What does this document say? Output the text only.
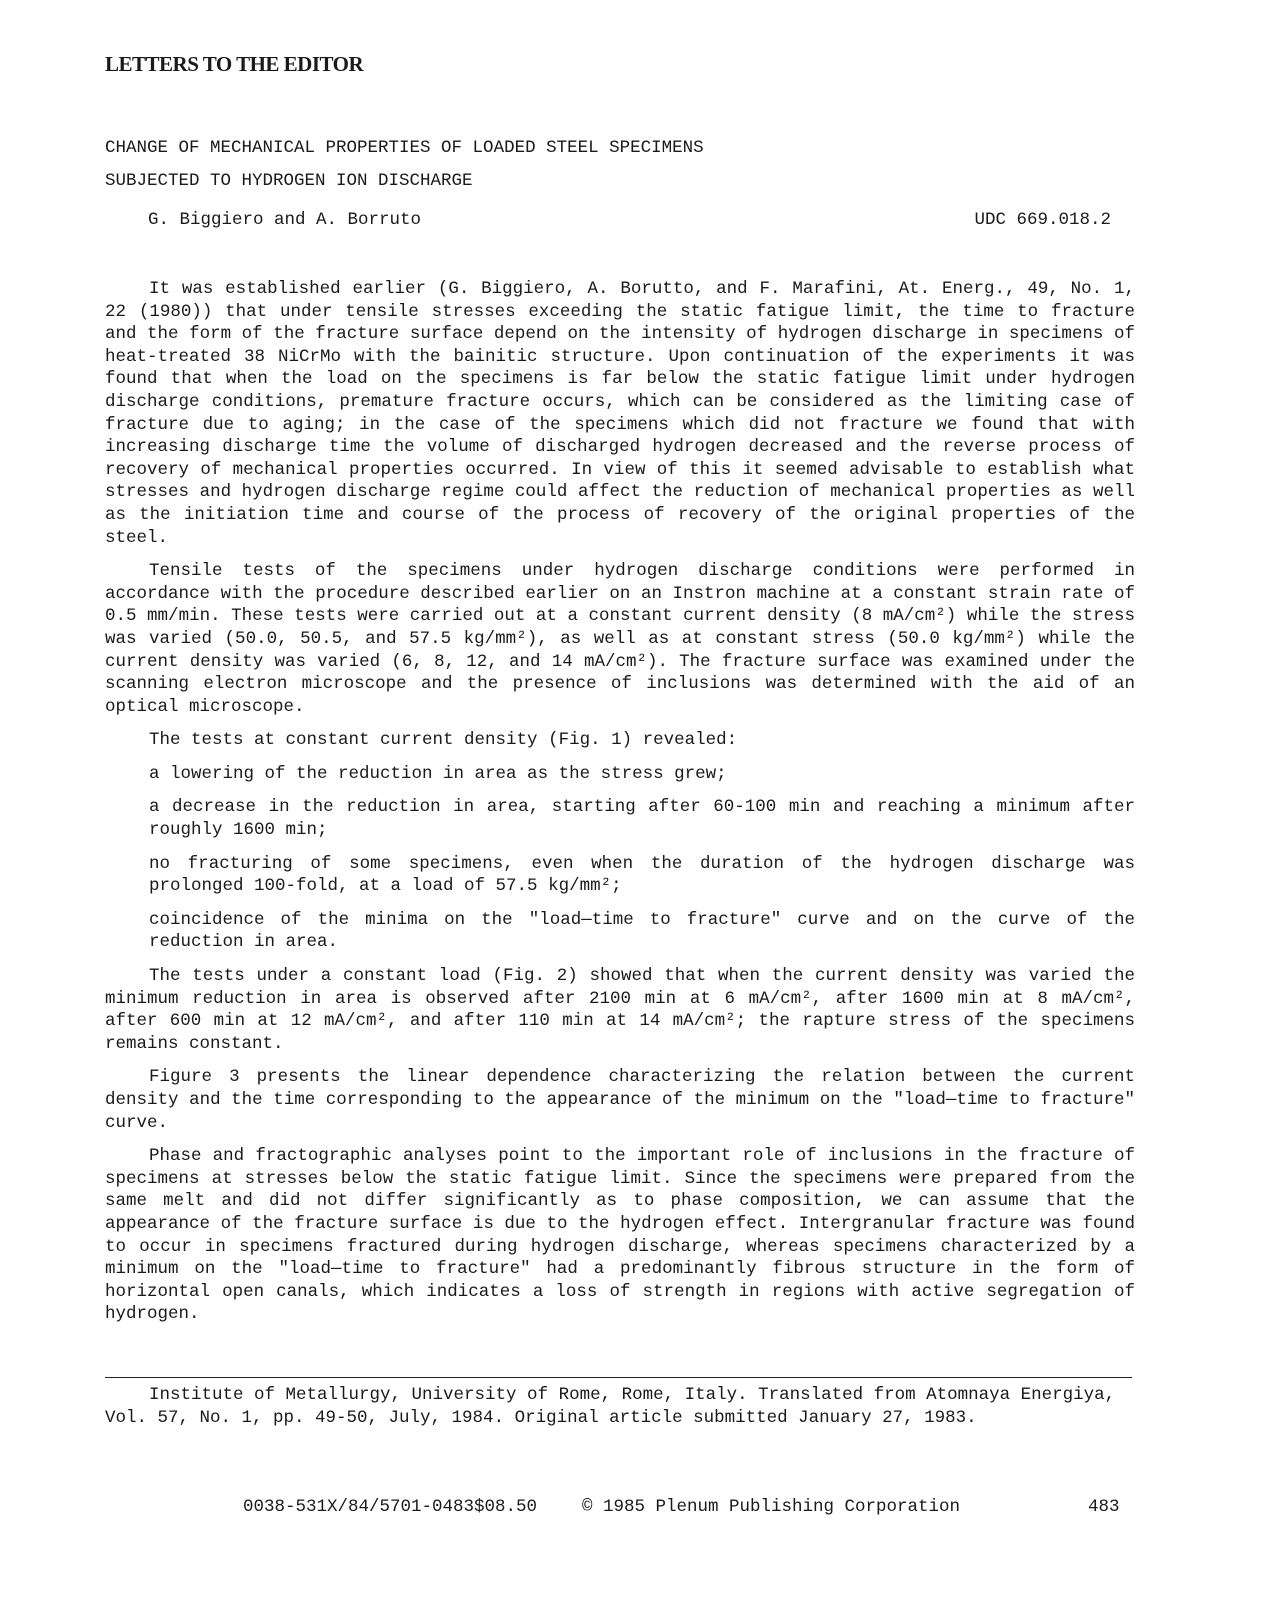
LETTERS TO THE EDITOR
CHANGE OF MECHANICAL PROPERTIES OF LOADED STEEL SPECIMENS
SUBJECTED TO HYDROGEN ION DISCHARGE
G. Biggiero and A. Borruto	UDC 669.018.2

It was established earlier (G. Biggiero, A. Borutto, and F. Marafini, At. Energ., 49, No. 1, 22 (1980)) that under tensile stresses exceeding the static fatigue limit, the time to fracture and the form of the fracture surface depend on the intensity of hydrogen discharge in specimens of heat-treated 38 NiCrMo with the bainitic structure. Upon continuation of the experiments it was found that when the load on the specimens is far below the static fatigue limit under hydrogen discharge conditions, premature fracture occurs, which can be considered as the limiting case of fracture due to aging; in the case of the specimens which did not fracture we found that with increasing discharge time the volume of discharged hydrogen decreased and the reverse process of recovery of mechanical properties occurred. In view of this it seemed advisable to establish what stresses and hydrogen discharge regime could affect the reduction of mechanical properties as well as the initiation time and course of the process of recovery of the original properties of the steel.

Tensile tests of the specimens under hydrogen discharge conditions were performed in accordance with the procedure described earlier on an Instron machine at a constant strain rate of 0.5 mm/min. These tests were carried out at a constant current density (8 mA/cm²) while the stress was varied (50.0, 50.5, and 57.5 kg/mm²), as well as at constant stress (50.0 kg/mm²) while the current density was varied (6, 8, 12, and 14 mA/cm²). The fracture surface was examined under the scanning electron microscope and the presence of inclusions was determined with the aid of an optical microscope.

The tests at constant current density (Fig. 1) revealed:

a lowering of the reduction in area as the stress grew;

a decrease in the reduction in area, starting after 60-100 min and reaching a minimum after roughly 1600 min;

no fracturing of some specimens, even when the duration of the hydrogen discharge was prolonged 100-fold, at a load of 57.5 kg/mm²;

coincidence of the minima on the "load—time to fracture" curve and on the curve of the reduction in area.

The tests under a constant load (Fig. 2) showed that when the current density was varied the minimum reduction in area is observed after 2100 min at 6 mA/cm², after 1600 min at 8 mA/cm², after 600 min at 12 mA/cm², and after 110 min at 14 mA/cm²; the rapture stress of the specimens remains constant.

Figure 3 presents the linear dependence characterizing the relation between the current density and the time corresponding to the appearance of the minimum on the "load—time to fracture" curve.

Phase and fractographic analyses point to the important role of inclusions in the fracture of specimens at stresses below the static fatigue limit. Since the specimens were prepared from the same melt and did not differ significantly as to phase composition, we can assume that the appearance of the fracture surface is due to the hydrogen effect. Intergranular fracture was found to occur in specimens fractured during hydrogen discharge, whereas specimens characterized by a minimum on the "load—time to fracture" had a predominantly fibrous structure in the form of horizontal open canals, which indicates a loss of strength in regions with active segregation of hydrogen.

Institute of Metallurgy, University of Rome, Rome, Italy. Translated from Atomnaya Energiya, Vol. 57, No. 1, pp. 49-50, July, 1984. Original article submitted January 27, 1983.
0038-531X/84/5701-0483$08.50	© 1985 Plenum Publishing Corporation	483
